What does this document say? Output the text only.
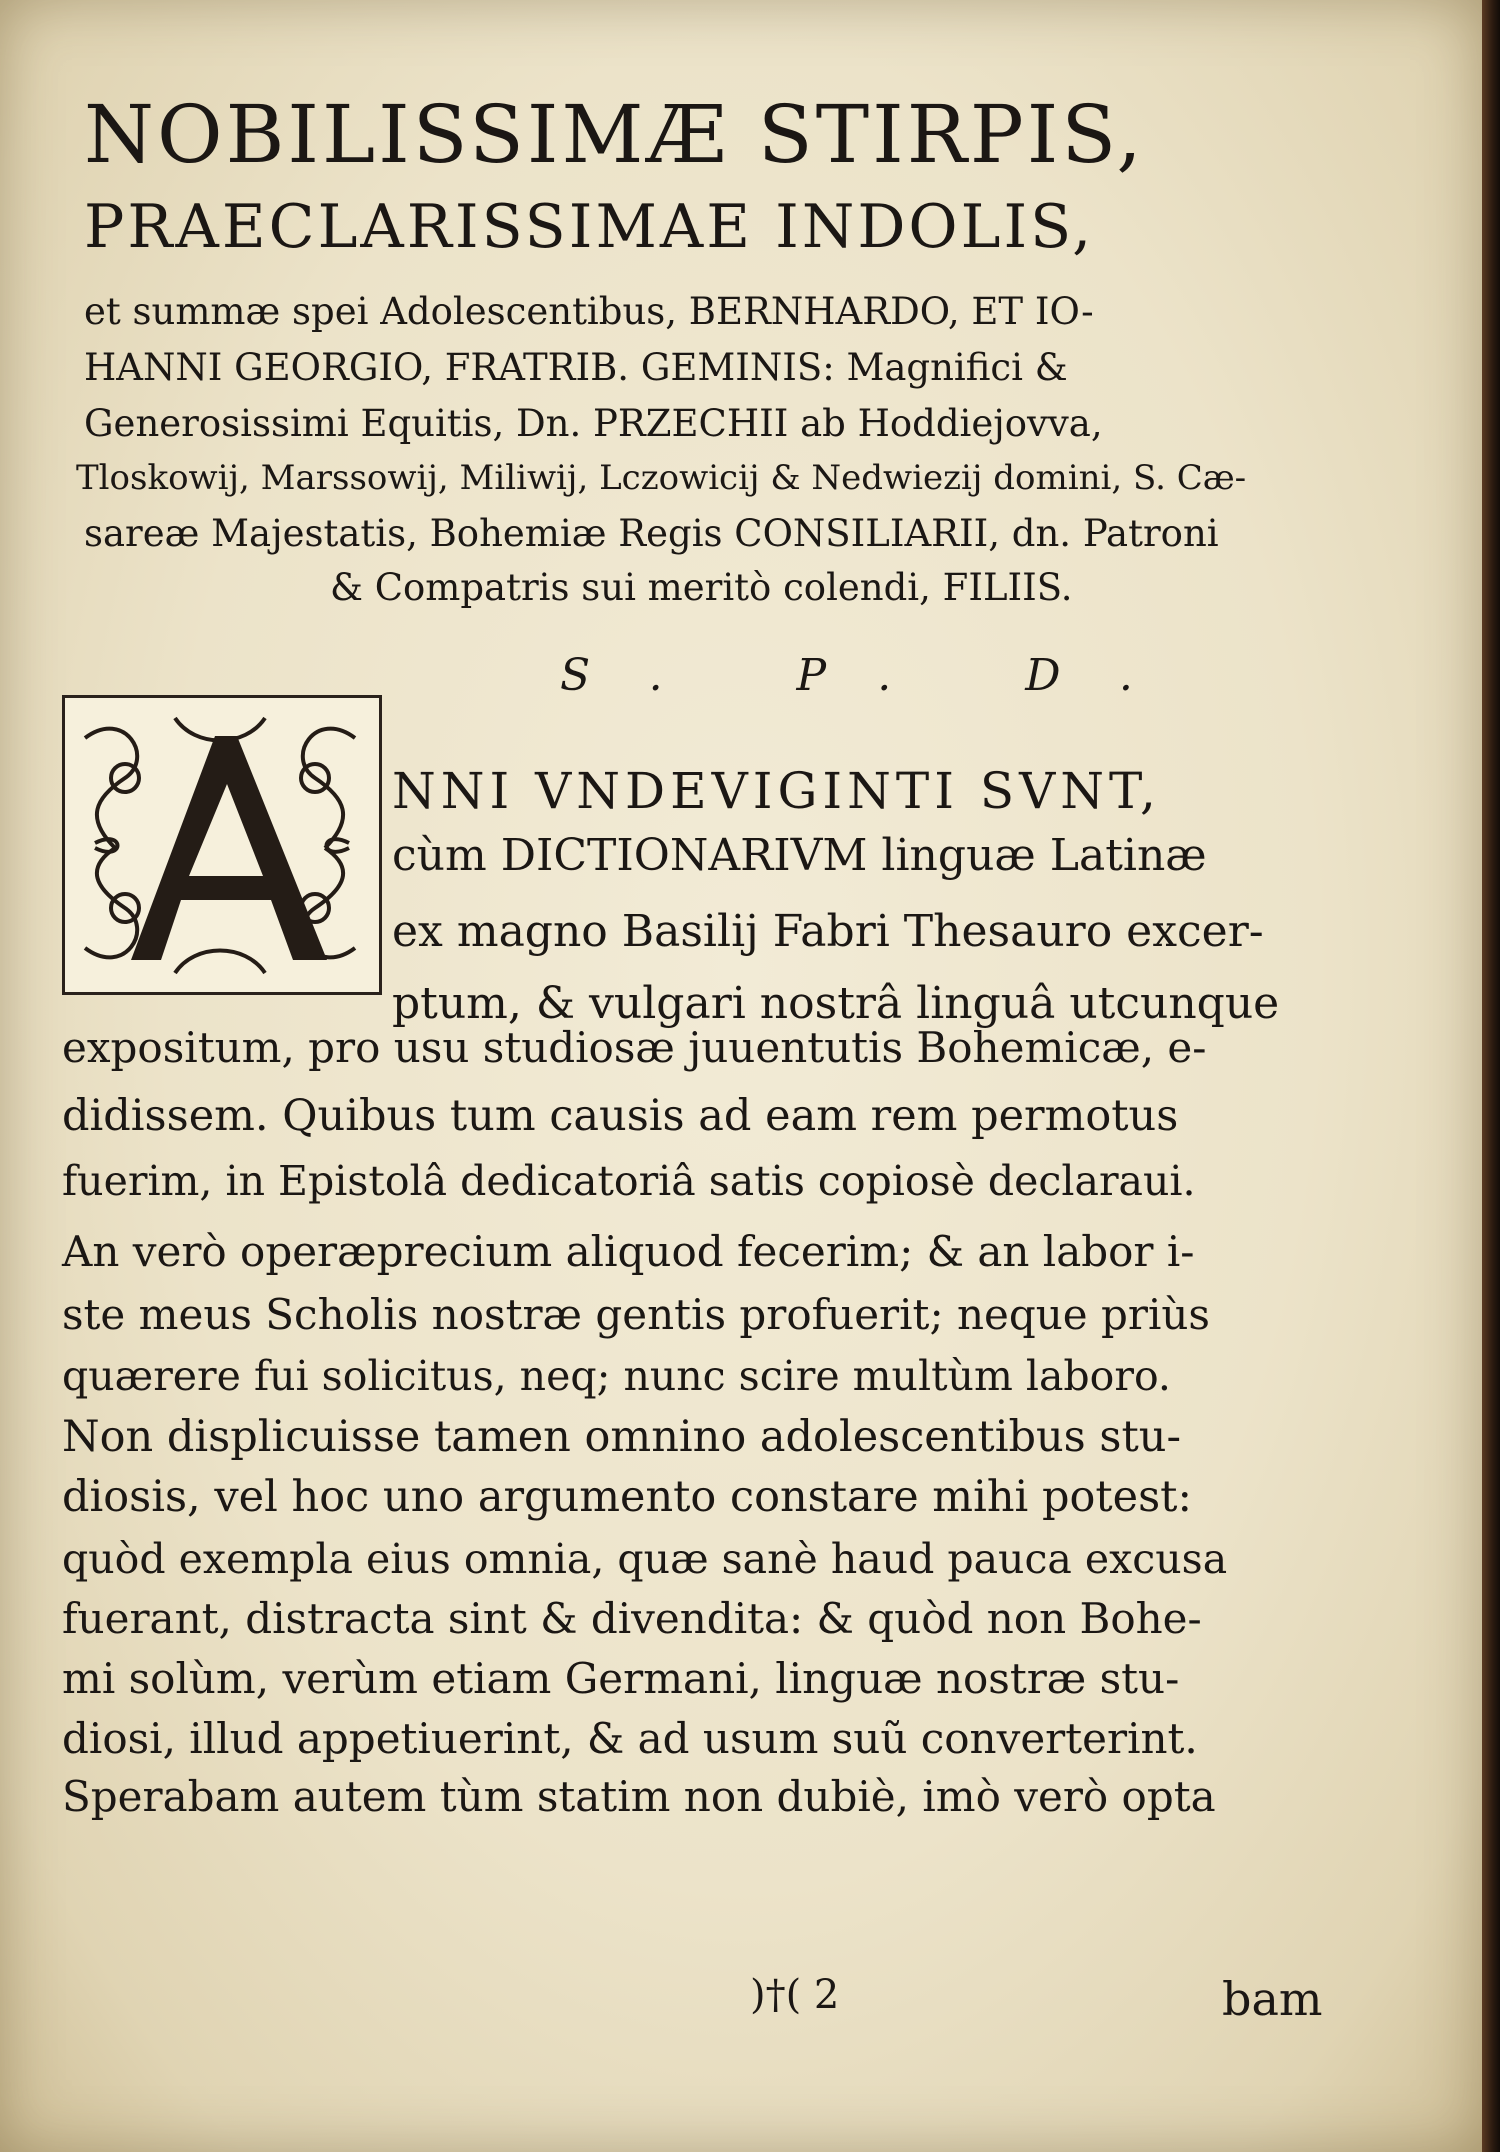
NOBILISSIMÆ STIRPIS,
PRAECLARISSIMAE INDOLIS,
et summæ spei Adolescentibus, BERNHARDO, ET IO-
HANNI GEORGIO, FRATRIB. GEMINIS: Magnifici &
Generosissimi Equitis, Dn. PRZECHII ab Hoddiejovva,
Tloskowij, Marssowij, Miliwij, Lczowicij & Nedwiezij domini, S. Cæ-
sareæ Majestatis, Bohemiæ Regis CONSILIARII, dn. Patroni
& Compatris sui meritò colendi, FILIIS.
S. P. D.
NNI VNDEVIGINTI SVNT,
cùm DICTIONARIVM linguæ Latinæ
ex magno Basilij Fabri Thesauro excer-
ptum, & vulgari nostrâ linguâ utcunque
expositum, pro usu studiosæ juuentutis Bohemicæ, e-
didissem. Quibus tum causis ad eam rem permotus
fuerim, in Epistolâ dedicatoriâ satis copiosè declaraui.
An verò operæprecium aliquod fecerim; & an labor i-
ste meus Scholis nostræ gentis profuerit; neque priùs
quærere fui solicitus, neq; nunc scire multùm laboro.
Non displicuisse tamen omnino adolescentibus stu-
diosis, vel hoc uno argumento constare mihi potest:
quòd exempla eius omnia, quæ sanè haud pauca excusa
fuerant, distracta sint & divendita: & quòd non Bohe-
mi solùm, verùm etiam Germani, linguæ nostræ stu-
diosi, illud appetiuerint, & ad usum suũ converterint.
Sperabam autem tùm statim non dubiè, imò verò opta
)†( 2	bam
